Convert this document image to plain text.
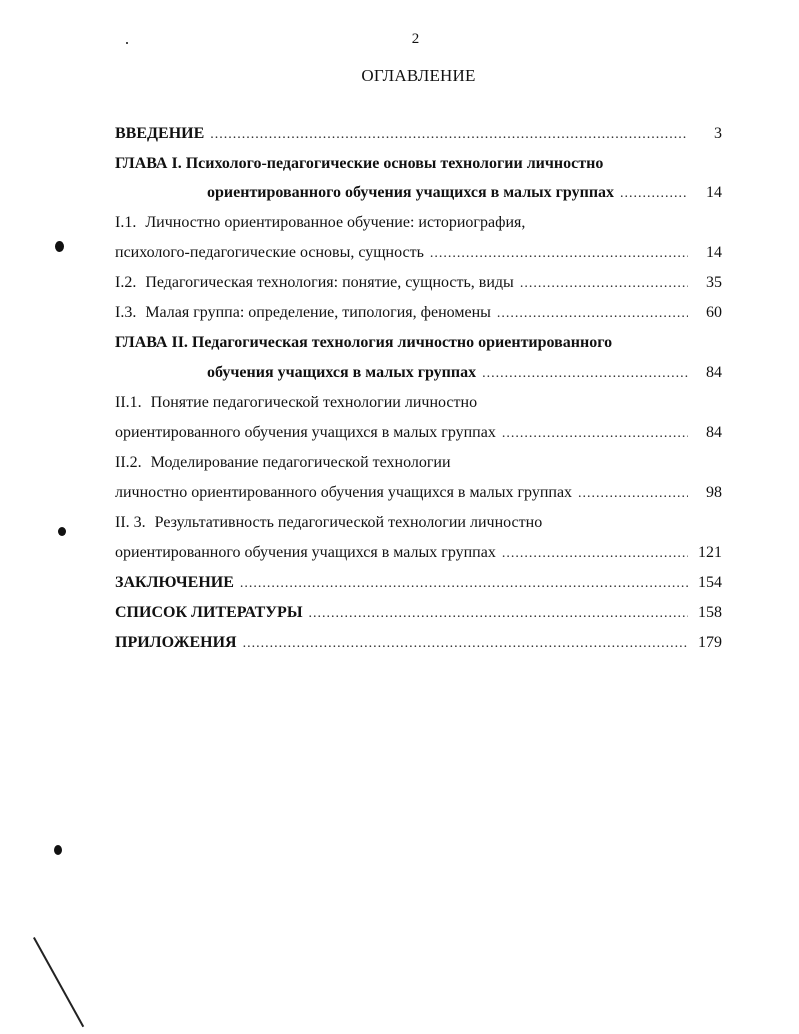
2
ОГЛАВЛЕНИЕ
ВВЕДЕНИЕ .....	3
ГЛАВА I. Психолого-педагогические основы технологии личностно
ориентированного обучения учащихся в малых группах .....	14
I.1. Личностно ориентированное обучение: историография,
психолого-педагогические основы, сущность .....	14
I.2. Педагогическая технология: понятие, сущность, виды .....	35
I.3. Малая группа: определение, типология, феномены .....	60
ГЛАВА II. Педагогическая технология личностно ориентированного
обучения учащихся в малых группах .....	84
II.1. Понятие педагогической технологии личностно
ориентированного обучения учащихся в малых группах .....	84
II.2. Моделирование педагогической технологии
личностно ориентированного обучения учащихся в малых группах .....	98
II. 3. Результативность педагогической технологии личностно
ориентированного обучения учащихся в малых группах .....	121
ЗАКЛЮЧЕНИЕ .....	154
СПИСОК ЛИТЕРАТУРЫ .....	158
ПРИЛОЖЕНИЯ .....	179
